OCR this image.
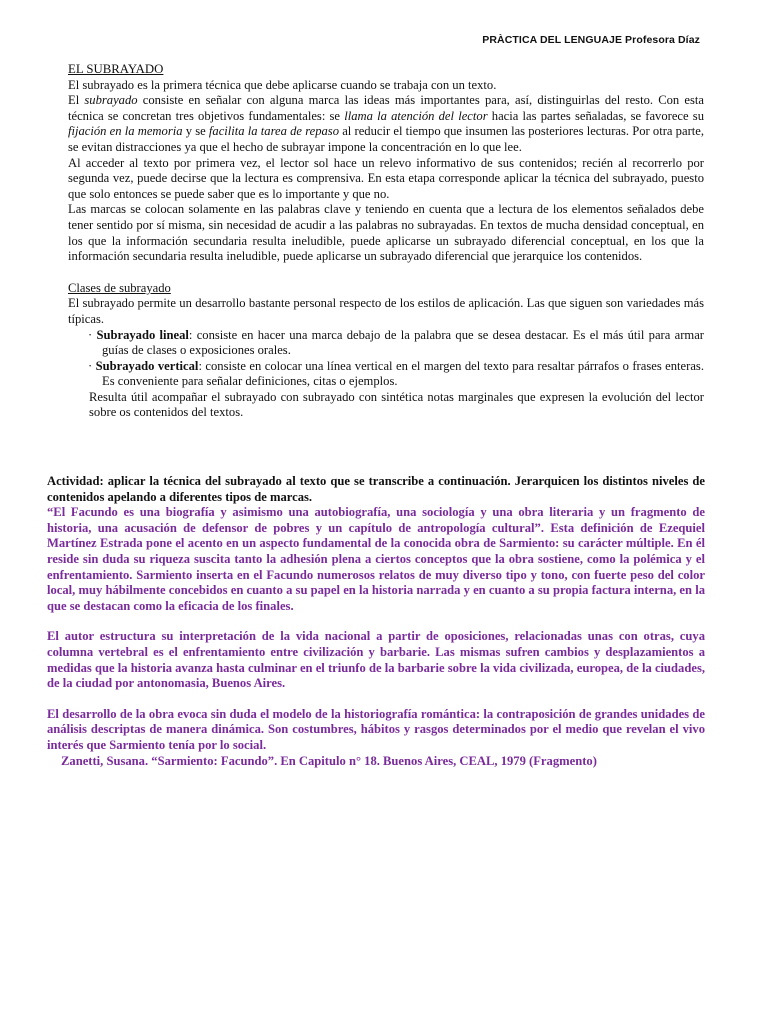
PRÀCTICA DEL LENGUAJE Profesora Díaz

EL SUBRAYADO

El subrayado es la primera técnica que debe aplicarse cuando se trabaja con un texto.

El subrayado consiste en señalar con alguna marca las ideas más importantes para, así, distinguirlas del resto. Con esta técnica se concretan tres objetivos fundamentales: se llama la atención del lector hacia las partes señaladas, se favorece su fijación en la memoria y se facilita la tarea de repaso al reducir el tiempo que insumen las posteriores lecturas. Por otra parte, se evitan distracciones ya que el hecho de subrayar impone la concentración en lo que lee.

Al acceder al texto por primera vez, el lector sol hace un relevo informativo de sus contenidos; recién al recorrerlo por segunda vez, puede decirse que la lectura es comprensiva. En esta etapa corresponde aplicar la técnica del subrayado, puesto que solo entonces se puede saber que es lo importante y que no.

Las marcas se colocan solamente en las palabras clave y teniendo en cuenta que a lectura de los elementos señalados debe tener sentido por sí misma, sin necesidad de acudir a las palabras no subrayadas. En textos de mucha densidad conceptual, en los que la información secundaria resulta ineludible, puede aplicarse un subrayado diferencial conceptual, en los que la información secundaria resulta ineludible, puede aplicarse un subrayado diferencial que jerarquice los contenidos.

Clases de subrayado

El subrayado permite un desarrollo bastante personal respecto de los estilos de aplicación. Las que siguen son variedades más típicas.

· Subrayado lineal: consiste en hacer una marca debajo de la palabra que se desea destacar. Es el más útil para armar guías de clases o exposiciones orales.

· Subrayado vertical: consiste en colocar una línea vertical en el margen del texto para resaltar párrafos o frases enteras. Es conveniente para señalar definiciones, citas o ejemplos.

Resulta útil acompañar el subrayado con subrayado con sintética notas marginales que expresen la evolución del lector sobre os contenidos del textos.

Actividad: aplicar la técnica del subrayado al texto que se transcribe a continuación. Jerarquicen los distintos niveles de contenidos apelando a diferentes tipos de marcas.

“El Facundo es una biografía y asimismo una autobiografía, una sociología y una obra literaria y un fragmento de historia, una acusación de defensor de pobres y un capítulo de antropología cultural”. Esta definición de Ezequiel Martínez Estrada pone el acento en un aspecto fundamental de la conocida obra de Sarmiento: su carácter múltiple. En él reside sin duda su riqueza suscita tanto la adhesión plena a ciertos conceptos que la obra sostiene, como la polémica y el enfrentamiento. Sarmiento inserta en el Facundo numerosos relatos de muy diverso tipo y tono, con fuerte peso del color local, muy hábilmente concebidos en cuanto a su papel en la historia narrada y en cuanto a su propia factura interna, en la que se destacan como la eficacia de los finales.

El autor estructura su interpretación de la vida nacional a partir de oposiciones, relacionadas unas con otras, cuya columna vertebral es el enfrentamiento entre civilización y barbarie. Las mismas sufren cambios y desplazamientos a medidas que la historia avanza hasta culminar en el triunfo de la barbarie sobre la vida civilizada, europea, de la ciudades, de la ciudad por antonomasia, Buenos Aires.

El desarrollo de la obra evoca sin duda el modelo de la historiografía romántica: la contraposición de grandes unidades de análisis descriptas de manera dinámica. Son costumbres, hábitos y rasgos determinados por el medio que revelan el vivo interés que Sarmiento tenía por lo social.

Zanetti, Susana. “Sarmiento: Facundo”. En Capitulo n° 18. Buenos Aires, CEAL, 1979 (Fragmento)
